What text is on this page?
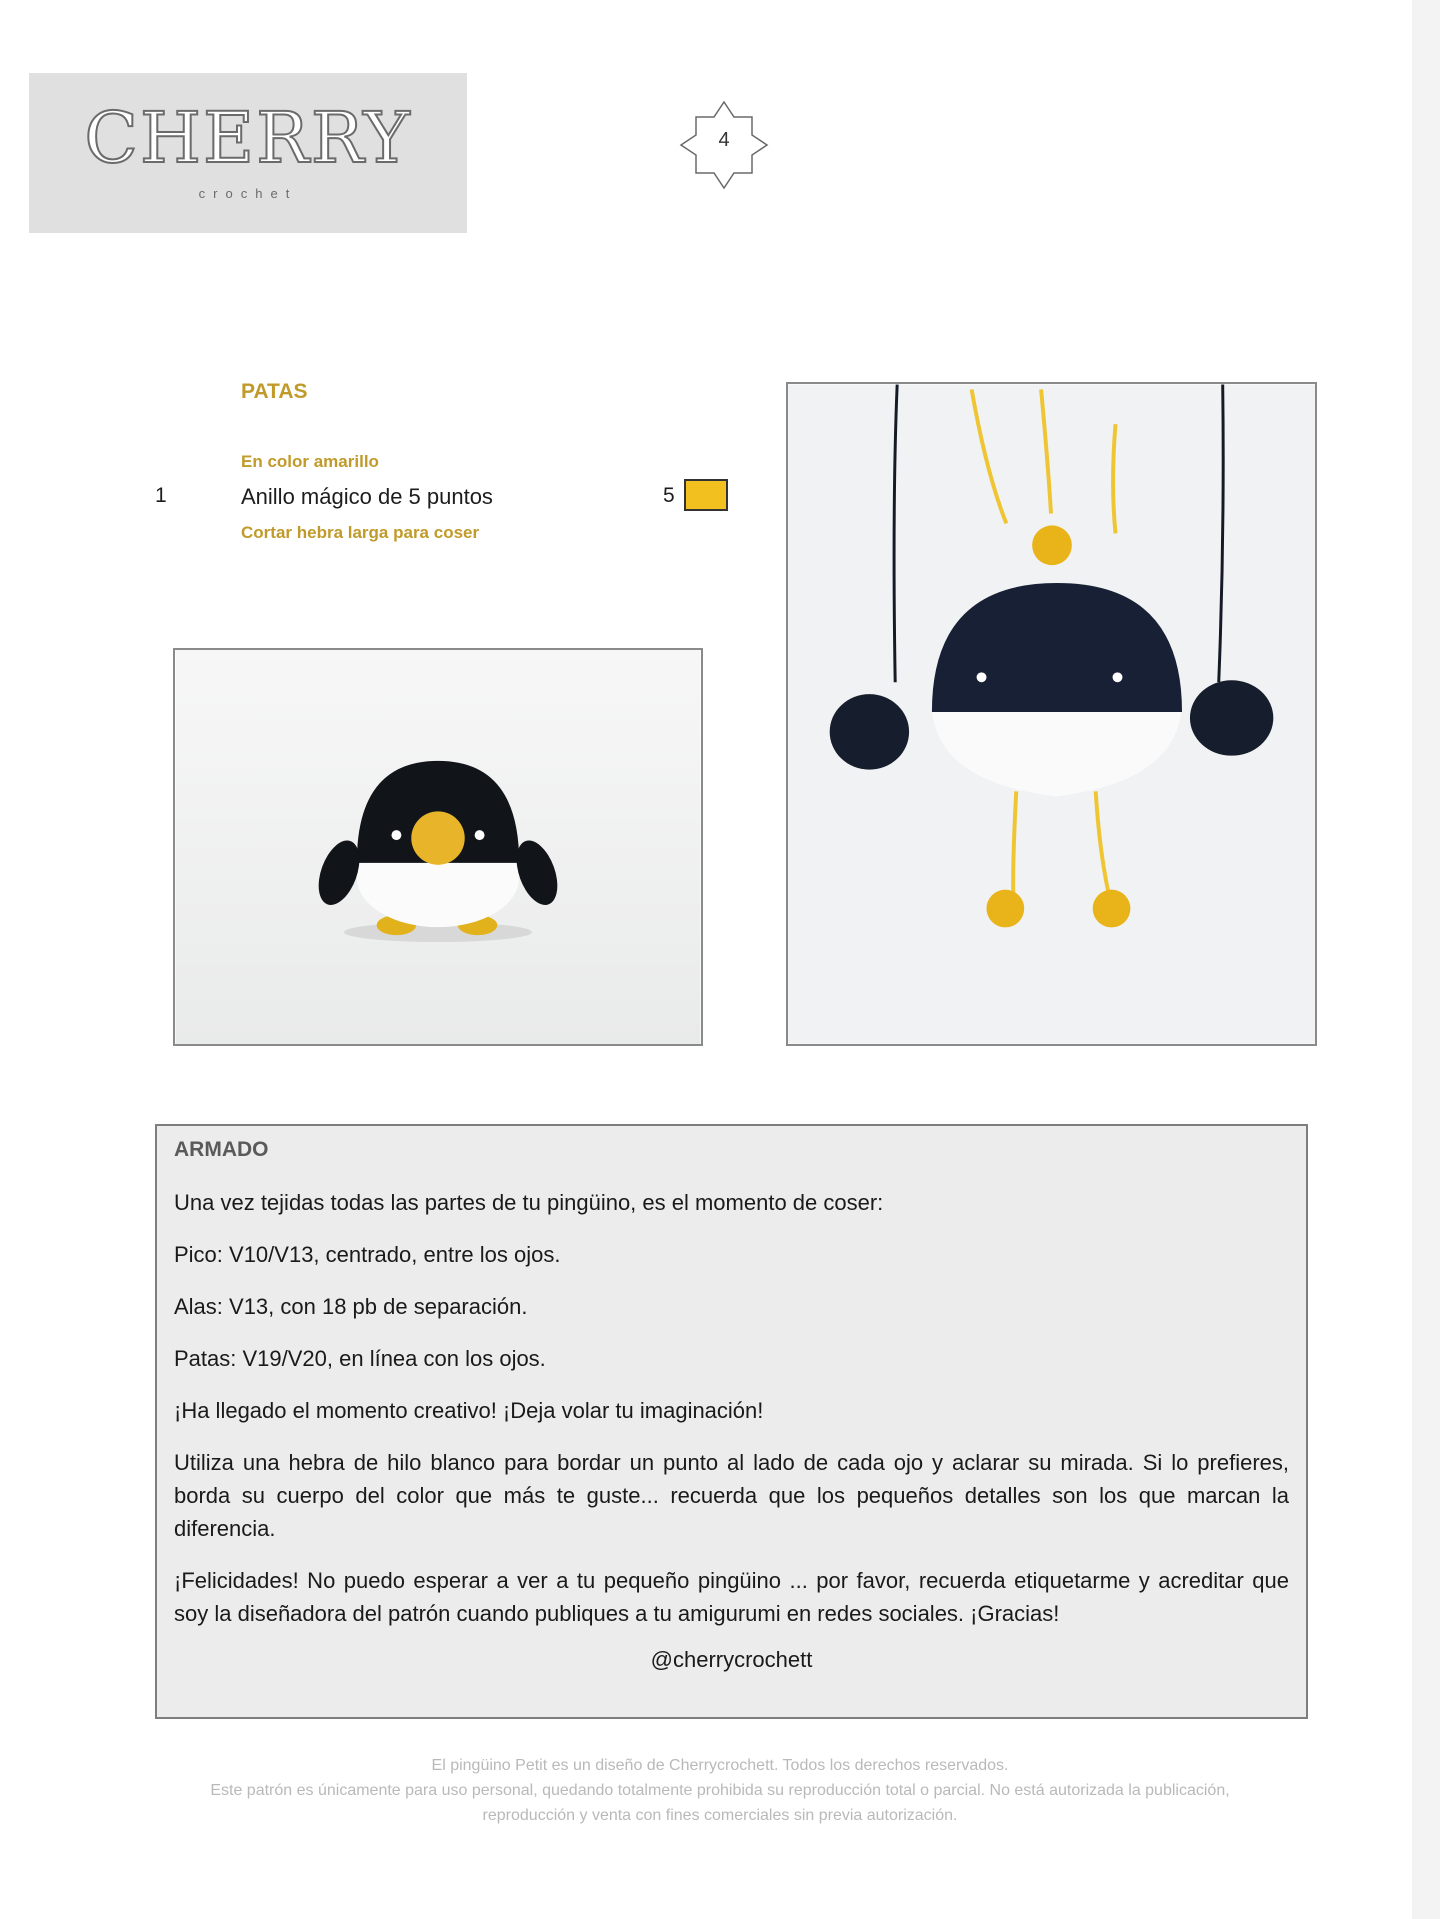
CHERRY
crochet
4
PATAS
En color amarillo
1	Anillo mágico de 5 puntos	5
Cortar hebra larga para coser
ARMADO

Una vez tejidas todas las partes de tu pingüino, es el momento de coser:

Pico: V10/V13, centrado, entre los ojos.

Alas: V13, con 18 pb de separación.

Patas: V19/V20, en línea con los ojos.

¡Ha llegado el momento creativo! ¡Deja volar tu imaginación!

Utiliza una hebra de hilo blanco para bordar un punto al lado de cada ojo y aclarar su mirada. Si lo prefieres, borda su cuerpo del color que más te guste... recuerda que los pequeños detalles son los que marcan la diferencia.

¡Felicidades! No puedo esperar a ver a tu pequeño pingüino ... por favor, recuerda etiquetarme y acreditar que soy la diseñadora del patrón cuando publiques a tu amigurumi en redes sociales. ¡Gracias!

@cherrycrochett

El pingüino Petit es un diseño de Cherrycrochett. Todos los derechos reservados.
Este patrón es únicamente para uso personal, quedando totalmente prohibida su reproducción total o parcial. No está autorizada la publicación, reproducción y venta con fines comerciales sin previa autorización.
